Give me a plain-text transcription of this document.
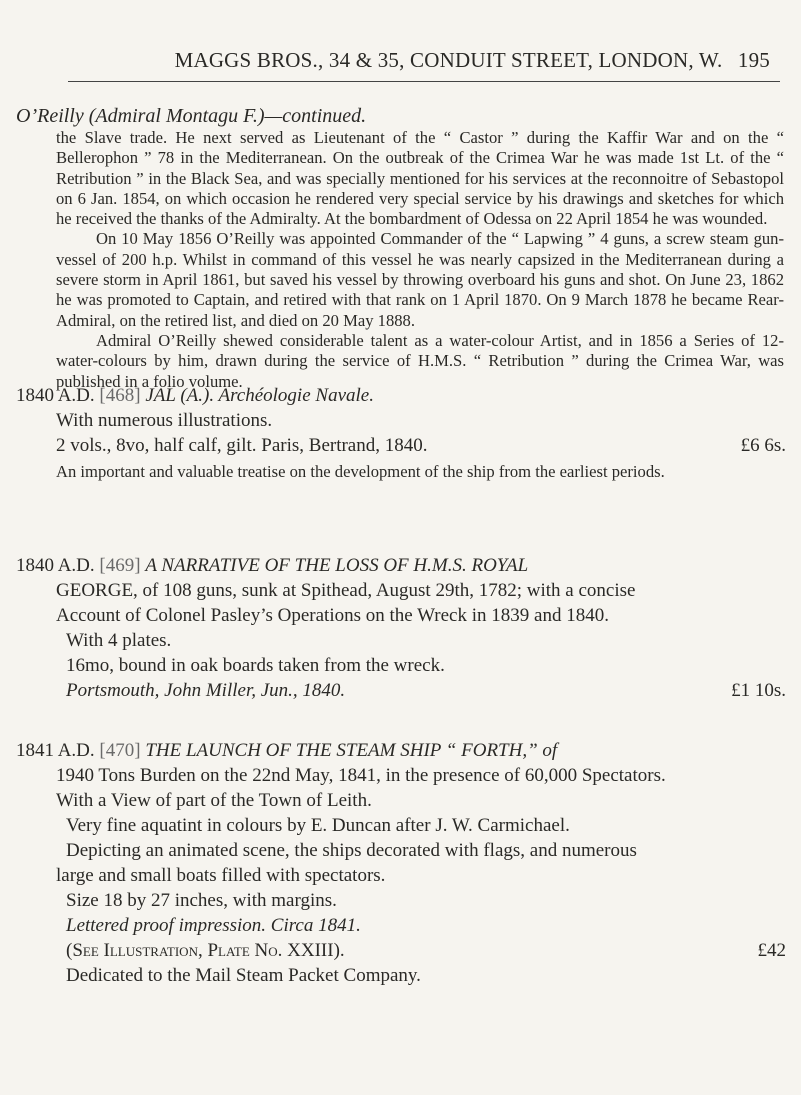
MAGGS BROS., 34 & 35, CONDUIT STREET, LONDON, W. 195
O’Reilly (Admiral Montagu F.)—continued.

the Slave trade. He next served as Lieutenant of the “ Castor ” during the Kaffir War and on the “ Bellerophon ” 78 in the Mediterranean. On the outbreak of the Crimea War he was made 1st Lt. of the “ Retribution ” in the Black Sea, and was specially mentioned for his services at the reconnoitre of Sebastopol on 6 Jan. 1854, on which occasion he rendered very special service by his drawings and sketches for which he received the thanks of the Admiralty. At the bombardment of Odessa on 22 April 1854 he was wounded.

On 10 May 1856 O’Reilly was appointed Commander of the “ Lapwing ” 4 guns, a screw steam gun-vessel of 200 h.p. Whilst in command of this vessel he was nearly capsized in the Mediterranean during a severe storm in April 1861, but saved his vessel by throwing overboard his guns and shot. On June 23, 1862 he was promoted to Captain, and retired with that rank on 1 April 1870. On 9 March 1878 he became Rear-Admiral, on the retired list, and died on 20 May 1888.

Admiral O’Reilly shewed considerable talent as a water-colour Artist, and in 1856 a Series of 12-water-colours by him, drawn during the service of H.M.S. “ Retribution ” during the Crimea War, was published in a folio volume.

1840 A.D. [468] JAL (A.). Archéologie Navale.
With numerous illustrations.
2 vols., 8vo, half calf, gilt. Paris, Bertrand, 1840.	£6 6s.
An important and valuable treatise on the development of the ship from the earliest periods.
1840 A.D. [469] A NARRATIVE OF THE LOSS OF H.M.S. ROYAL
GEORGE, of 108 guns, sunk at Spithead, August 29th, 1782; with a concise
Account of Colonel Pasley’s Operations on the Wreck in 1839 and 1840.
With 4 plates.
16mo, bound in oak boards taken from the wreck.
Portsmouth, John Miller, Jun., 1840.	£1 10s.
1841 A.D. [470] THE LAUNCH OF THE STEAM SHIP “ FORTH,” of
1940 Tons Burden on the 22nd May, 1841, in the presence of 60,000 Spectators.
With a View of part of the Town of Leith.
Very fine aquatint in colours by E. Duncan after J. W. Carmichael.
Depicting an animated scene, the ships decorated with flags, and numerous
large and small boats filled with spectators.
Size 18 by 27 inches, with margins.
Lettered proof impression. Circa 1841.
(See Illustration, Plate No. XXIII).	£42
Dedicated to the Mail Steam Packet Company.
